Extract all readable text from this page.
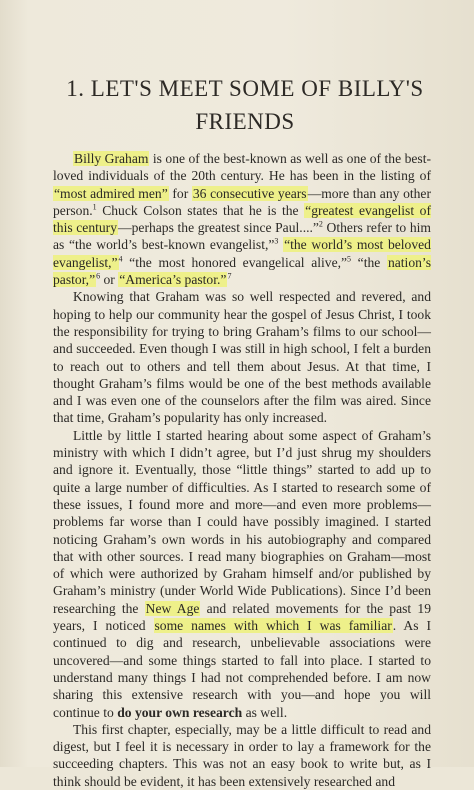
1. LET'S MEET SOME OF BILLY'S
FRIENDS

Billy Graham is one of the best-known as well as one of the best-loved individuals of the 20th century. He has been in the listing of “most admired men” for 36 consecutive years—more than any other person.$^1$ Chuck Colson states that he is the “greatest evangelist of this century—perhaps the greatest since Paul....”$^2$ Others refer to him as “the world’s best-known evangelist,”$^3$ “the world’s most beloved evangelist,”$^4$ “the most honored evangelical alive,”$^5$ “the nation’s pastor,”$^6$ or “America’s pastor.”$^7$

Knowing that Graham was so well respected and revered, and hoping to help our community hear the gospel of Jesus Christ, I took the responsibility for trying to bring Graham’s films to our school—and succeeded. Even though I was still in high school, I felt a burden to reach out to others and tell them about Jesus. At that time, I thought Graham’s films would be one of the best methods available and I was even one of the counselors after the film was aired. Since that time, Graham’s popularity has only increased.

Little by little I started hearing about some aspect of Graham’s ministry with which I didn’t agree, but I’d just shrug my shoulders and ignore it. Eventually, those “little things” started to add up to quite a large number of difficulties. As I started to research some of these issues, I found more and more—and even more problems—problems far worse than I could have possibly imagined. I started noticing Graham’s own words in his autobiography and compared that with other sources. I read many biographies on Graham—most of which were authorized by Graham himself and/or published by Graham’s ministry (under World Wide Publications). Since I’d been researching the New Age and related movements for the past 19 years, I noticed some names with which I was familiar. As I continued to dig and research, unbelievable associations were uncovered—and some things started to fall into place. I started to understand many things I had not comprehended before. I am now sharing this extensive research with you—and hope you will continue to do your own research as well.

This first chapter, especially, may be a little difficult to read and digest, but I feel it is necessary in order to lay a framework for the succeeding chapters. This was not an easy book to write but, as I think should be evident, it has been extensively researched and
